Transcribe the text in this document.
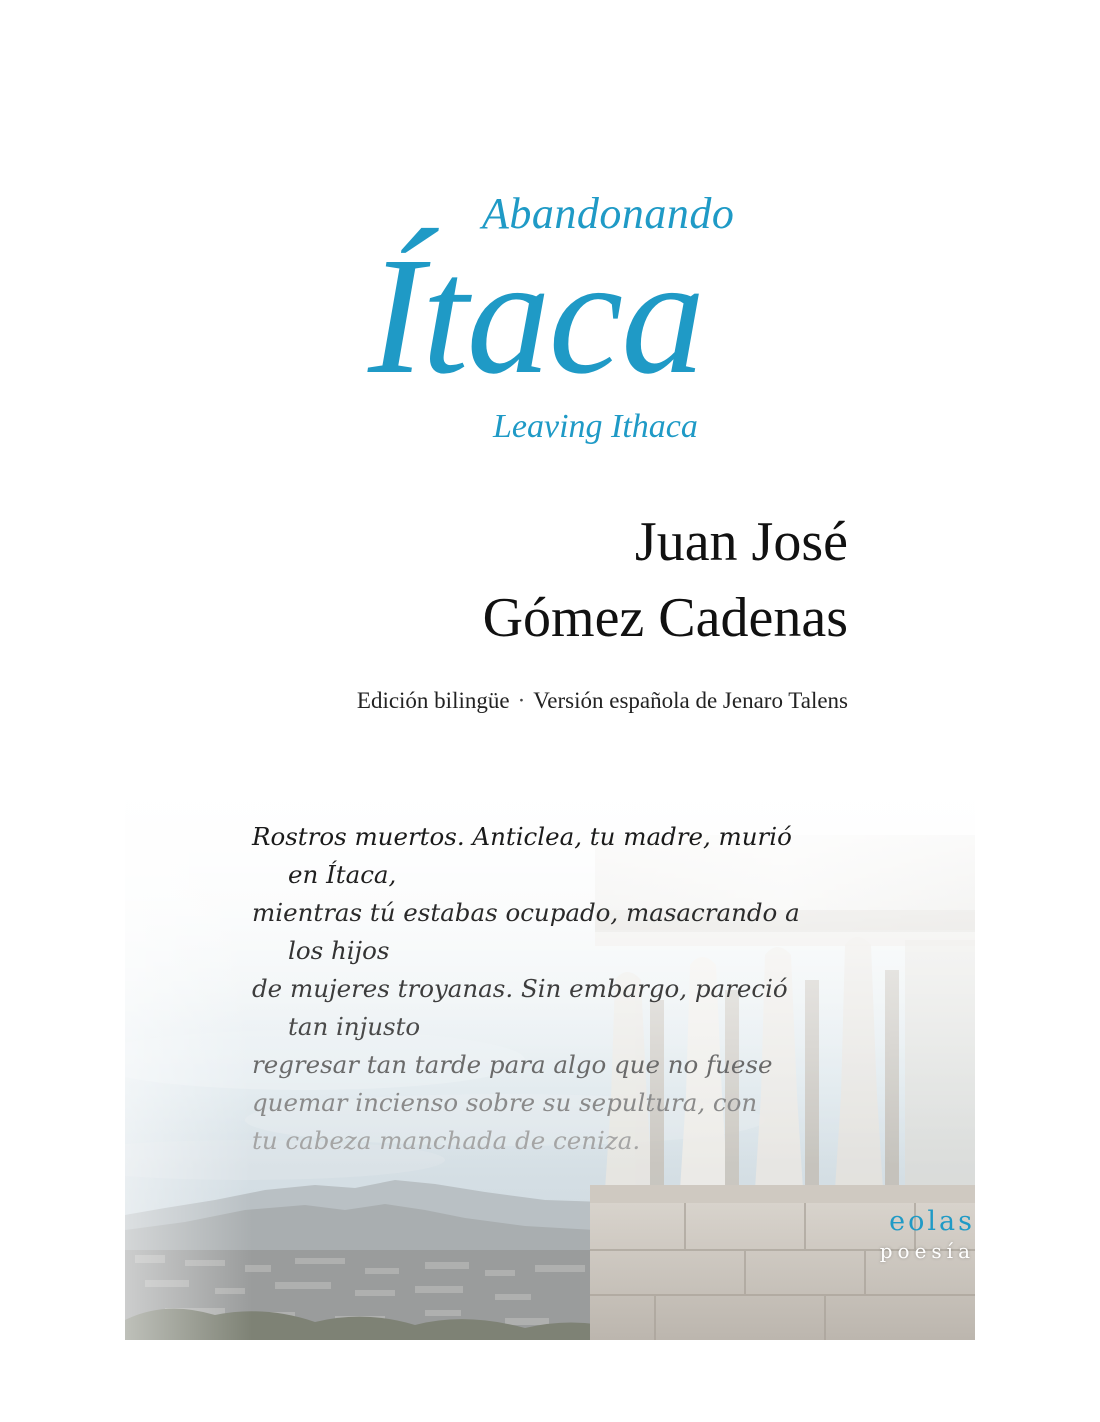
Abandonando
Ítaca
Leaving Ithaca
Juan José
Gómez Cadenas
Edición bilingüe · Versión española de Jenaro Talens
Rostros muertos. Anticlea, tu madre, murió
en Ítaca,
mientras tú estabas ocupado, masacrando a
los hijos
de mujeres troyanas. Sin embargo, pareció
tan injusto
regresar tan tarde para algo que no fuese
quemar incienso sobre su sepultura, con
tu cabeza manchada de ceniza.
eolas
poesía
